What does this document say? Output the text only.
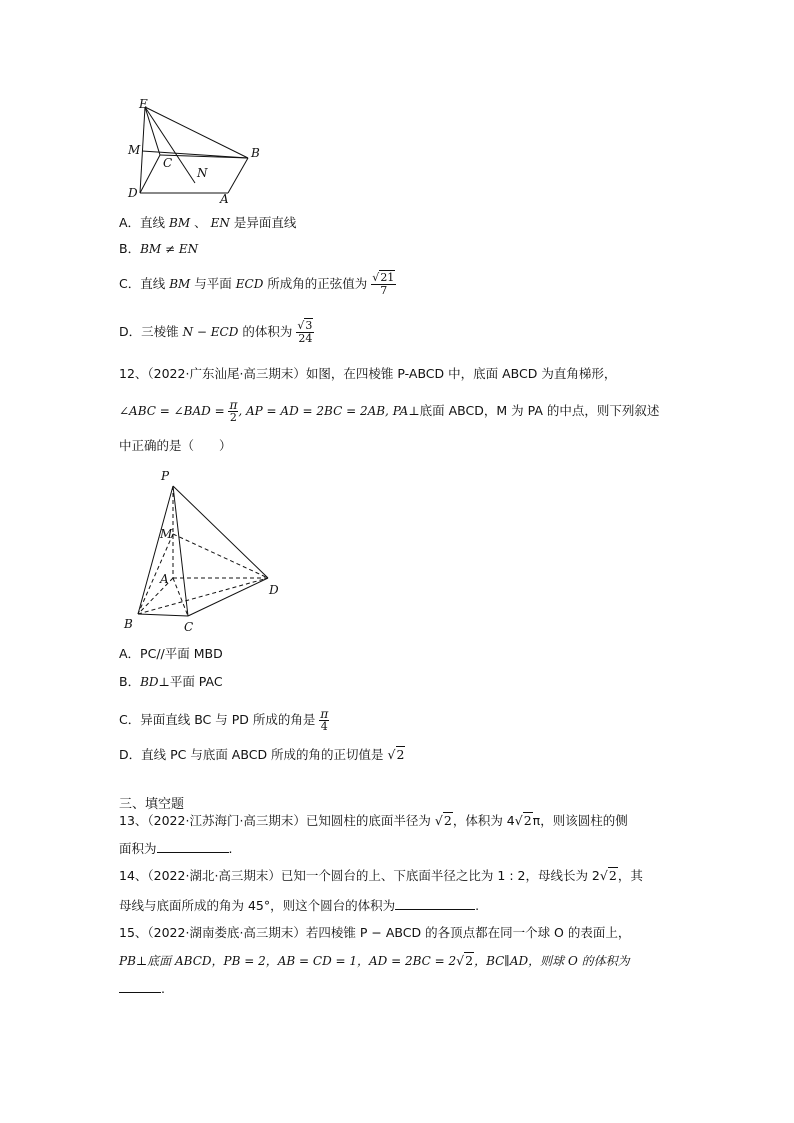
E
M
C
N
B
D	A
A．直线 BM 、 EN 是异面直线
B．BM ≠ EN
C．直线 BM 与平面 ECD 所成角的正弦值为 $\frac{√21}{7}$
D．三棱锥 N − ECD 的体积为 $\frac{√3}{24}$
12、（2022·广东汕尾·高三期末）如图，在四棱锥 P-ABCD 中，底面 ABCD 为直角梯形，
∠ABC = ∠BAD = $\frac{\pi}{2}$ , AP = AD = 2BC = 2AB, PA⊥底面 ABCD，M 为 PA 的中点，则下列叙述
中正确的是（　　）
P
M
A
D
B	C
A．PC//平面 MBD
B．BD⊥平面 PAC
C．异面直线 BC 与 PD 所成的角是 $\frac{\pi}{4}$
D．直线 PC 与底面 ABCD 所成的角的正切值是 √2
三、填空题
13、（2022·江苏海门·高三期末）已知圆柱的底面半径为 √2，体积为 4√2π，则该圆柱的侧
面积为	.
14、（2022·湖北·高三期末）已知一个圆台的上、下底面半径之比为 1 : 2，母线长为 2√2，其
母线与底面所成的角为 45°，则这个圆台的体积为	.
15、（2022·湖南娄底·高三期末）若四棱锥 P − ABCD 的各顶点都在同一个球 O 的表面上，
PB⊥底面 ABCD，PB = 2，AB = CD = 1，AD = 2BC = 2√2，BC∥AD，则球 O 的体积为
.
